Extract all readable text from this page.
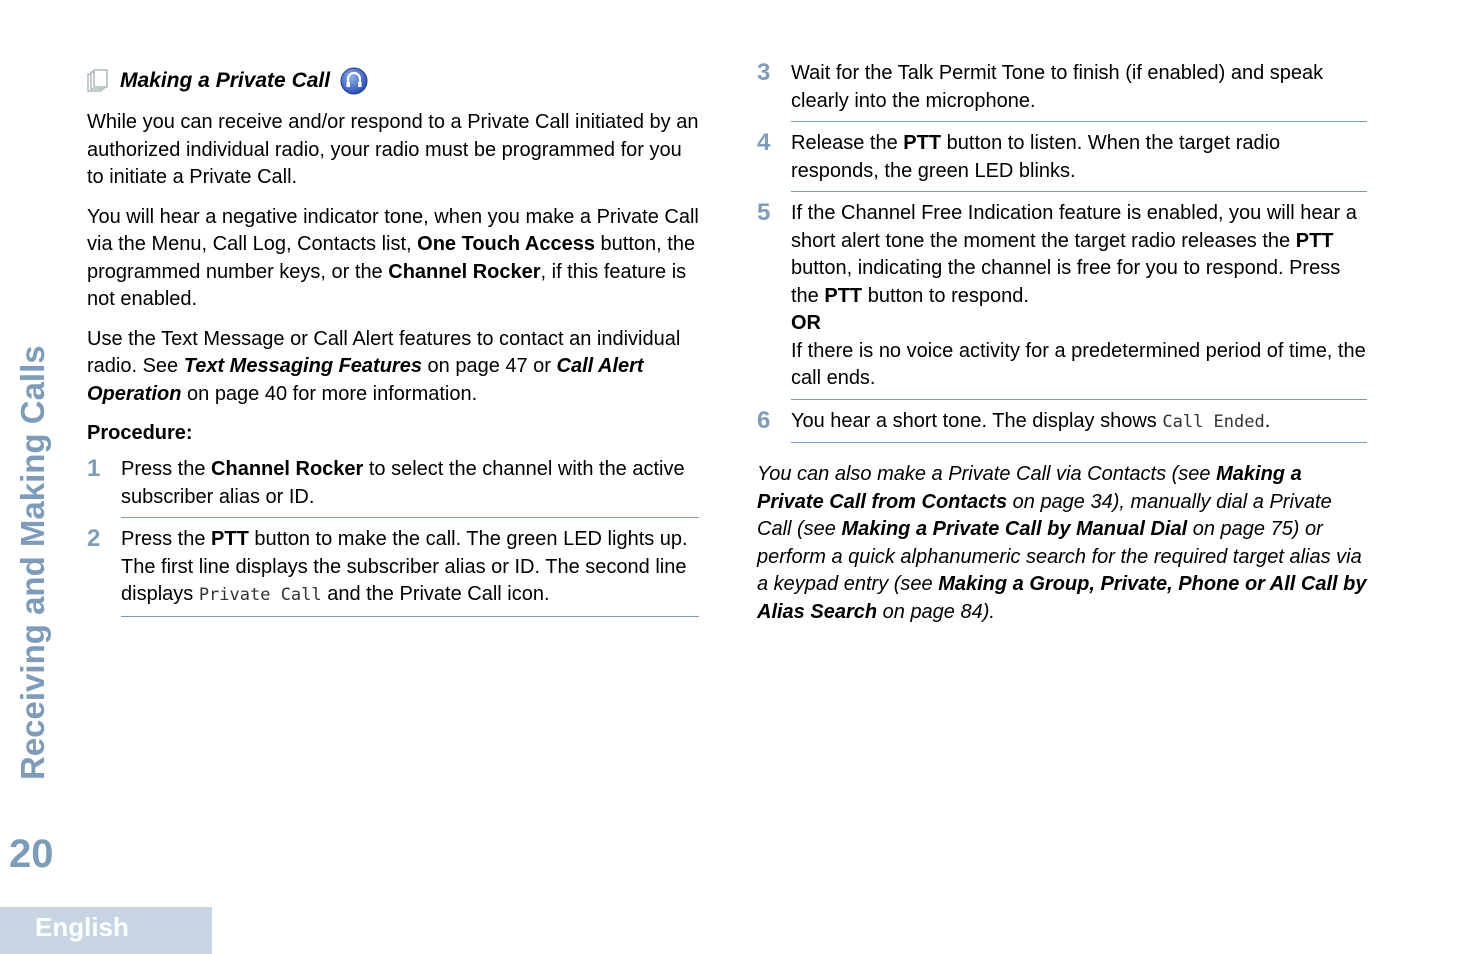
Receiving and Making Calls
20
English
Making a Private Call

While you can receive and/or respond to a Private Call initiated by an authorized individual radio, your radio must be programmed for you to initiate a Private Call.

You will hear a negative indicator tone, when you make a Private Call via the Menu, Call Log, Contacts list, One Touch Access button, the programmed number keys, or the Channel Rocker, if this feature is not enabled.

Use the Text Message or Call Alert features to contact an individual radio. See Text Messaging Features on page 47 or Call Alert Operation on page 40 for more information.

Procedure:
1	Press the Channel Rocker to select the channel with the active subscriber alias or ID.
2	Press the PTT button to make the call. The green LED lights up. The first line displays the subscriber alias or ID. The second line displays Private Call and the Private Call icon.
3	Wait for the Talk Permit Tone to finish (if enabled) and speak clearly into the microphone.
4	Release the PTT button to listen. When the target radio responds, the green LED blinks.
5	If the Channel Free Indication feature is enabled, you will hear a short alert tone the moment the target radio releases the PTT button, indicating the channel is free for you to respond. Press the PTT button to respond.
OR
If there is no voice activity for a predetermined period of time, the call ends.
6	You hear a short tone. The display shows Call Ended.
You can also make a Private Call via Contacts (see Making a Private Call from Contacts on page 34), manually dial a Private Call (see Making a Private Call by Manual Dial on page 75) or perform a quick alphanumeric search for the required target alias via a keypad entry (see Making a Group, Private, Phone or All Call by Alias Search on page 84).
